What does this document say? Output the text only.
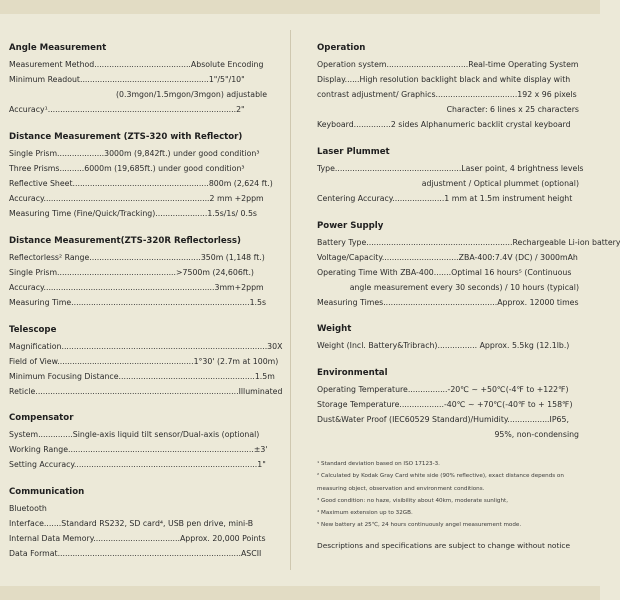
Angle Measurement
Measurement Method.......................................Absolute Encoding
Minimum Readout....................................................1"/5"/10"
(0.3mgon/1.5mgon/3mgon) adjustable
Accuracy¹............................................................................2"
Distance Measurement (ZTS-320 with Reflector)
Single Prism...................3000m (9,842ft.) under good condition³
Three Prisms..........6000m (19,685ft.) under good condition³
Reflective Sheet.......................................................800m (2,624 ft.)
Accuracy...................................................................2 mm +2ppm
Measuring Time (Fine/Quick/Tracking).....................1.5s/1s/ 0.5s
Distance Measurement(ZTS-320R Reflectorless)
Reflectorless² Range.............................................350m (1,148 ft.)
Single Prism................................................>7500m (24,606ft.)
Accuracy.....................................................................3mm+2ppm
Measuring Time........................................................................1.5s
Telescope
Magnification...................................................................................30X
Field of View.......................................................1°30' (2.7m at 100m)
Minimum Focusing Distance.......................................................1.5m
Reticle..................................................................................Illuminated
Compensator
System..............Single-axis liquid tilt sensor/Dual-axis (optional)
Working Range...........................................................................±3'
Setting Accuracy..........................................................................1"
Communication
Bluetooth
Interface.......Standard RS232, SD card⁴, USB pen drive, mini-B
Internal Data Memory...................................Approx. 20,000 Points
Data Format..........................................................................ASCII
Operation
Operation system.................................Real-time Operating System
Display......High resolution backlight black and white display with
contrast adjustment/ Graphics.................................192 x 96 pixels
Character: 6 lines x 25 characters
Keyboard...............2 sides Alphanumeric backlit crystal keyboard
Laser Plummet
Type...................................................Laser point, 4 brightness levels
adjustment / Optical plummet (optional)
Centering Accuracy.....................1 mm at 1.5m instrument height
Power Supply
Battery Type...........................................................Rechargeable Li-ion battery
Voltage/Capacity...............................ZBA-400:7.4V (DC) / 3000mAh
Operating Time With ZBA-400.......Optimal 16 hours⁵ (Continuous
angle measurement every 30 seconds) / 10 hours (typical)
Measuring Times..............................................Approx. 12000 times
Weight
Weight (Incl. Battery&Tribrach)................ Approx. 5.5kg (12.1lb.)
Environmental
Operating Temperature................-20℃ ~ +50℃(-4℉ to +122℉)
Storage Temperature..................-40℃ ~ +70℃(-40℉ to + 158℉)
Dust&Water Proof (IEC60529 Standard)/Humidity.................IP65,
95%, non-condensing
¹ Standard deviation based on ISO 17123-3.
² Calculated by Kodak Gray Card white side (90% reflective), exact distance depends on
measuring object, observation and environment conditions.
³ Good condition: no haze, visibility about 40km, moderate sunlight,
⁴ Maximum extension up to 32GB.
⁵ New battery at 25℃, 24 hours continuously angel measurement mode.
Descriptions and specifications are subject to change without notice
